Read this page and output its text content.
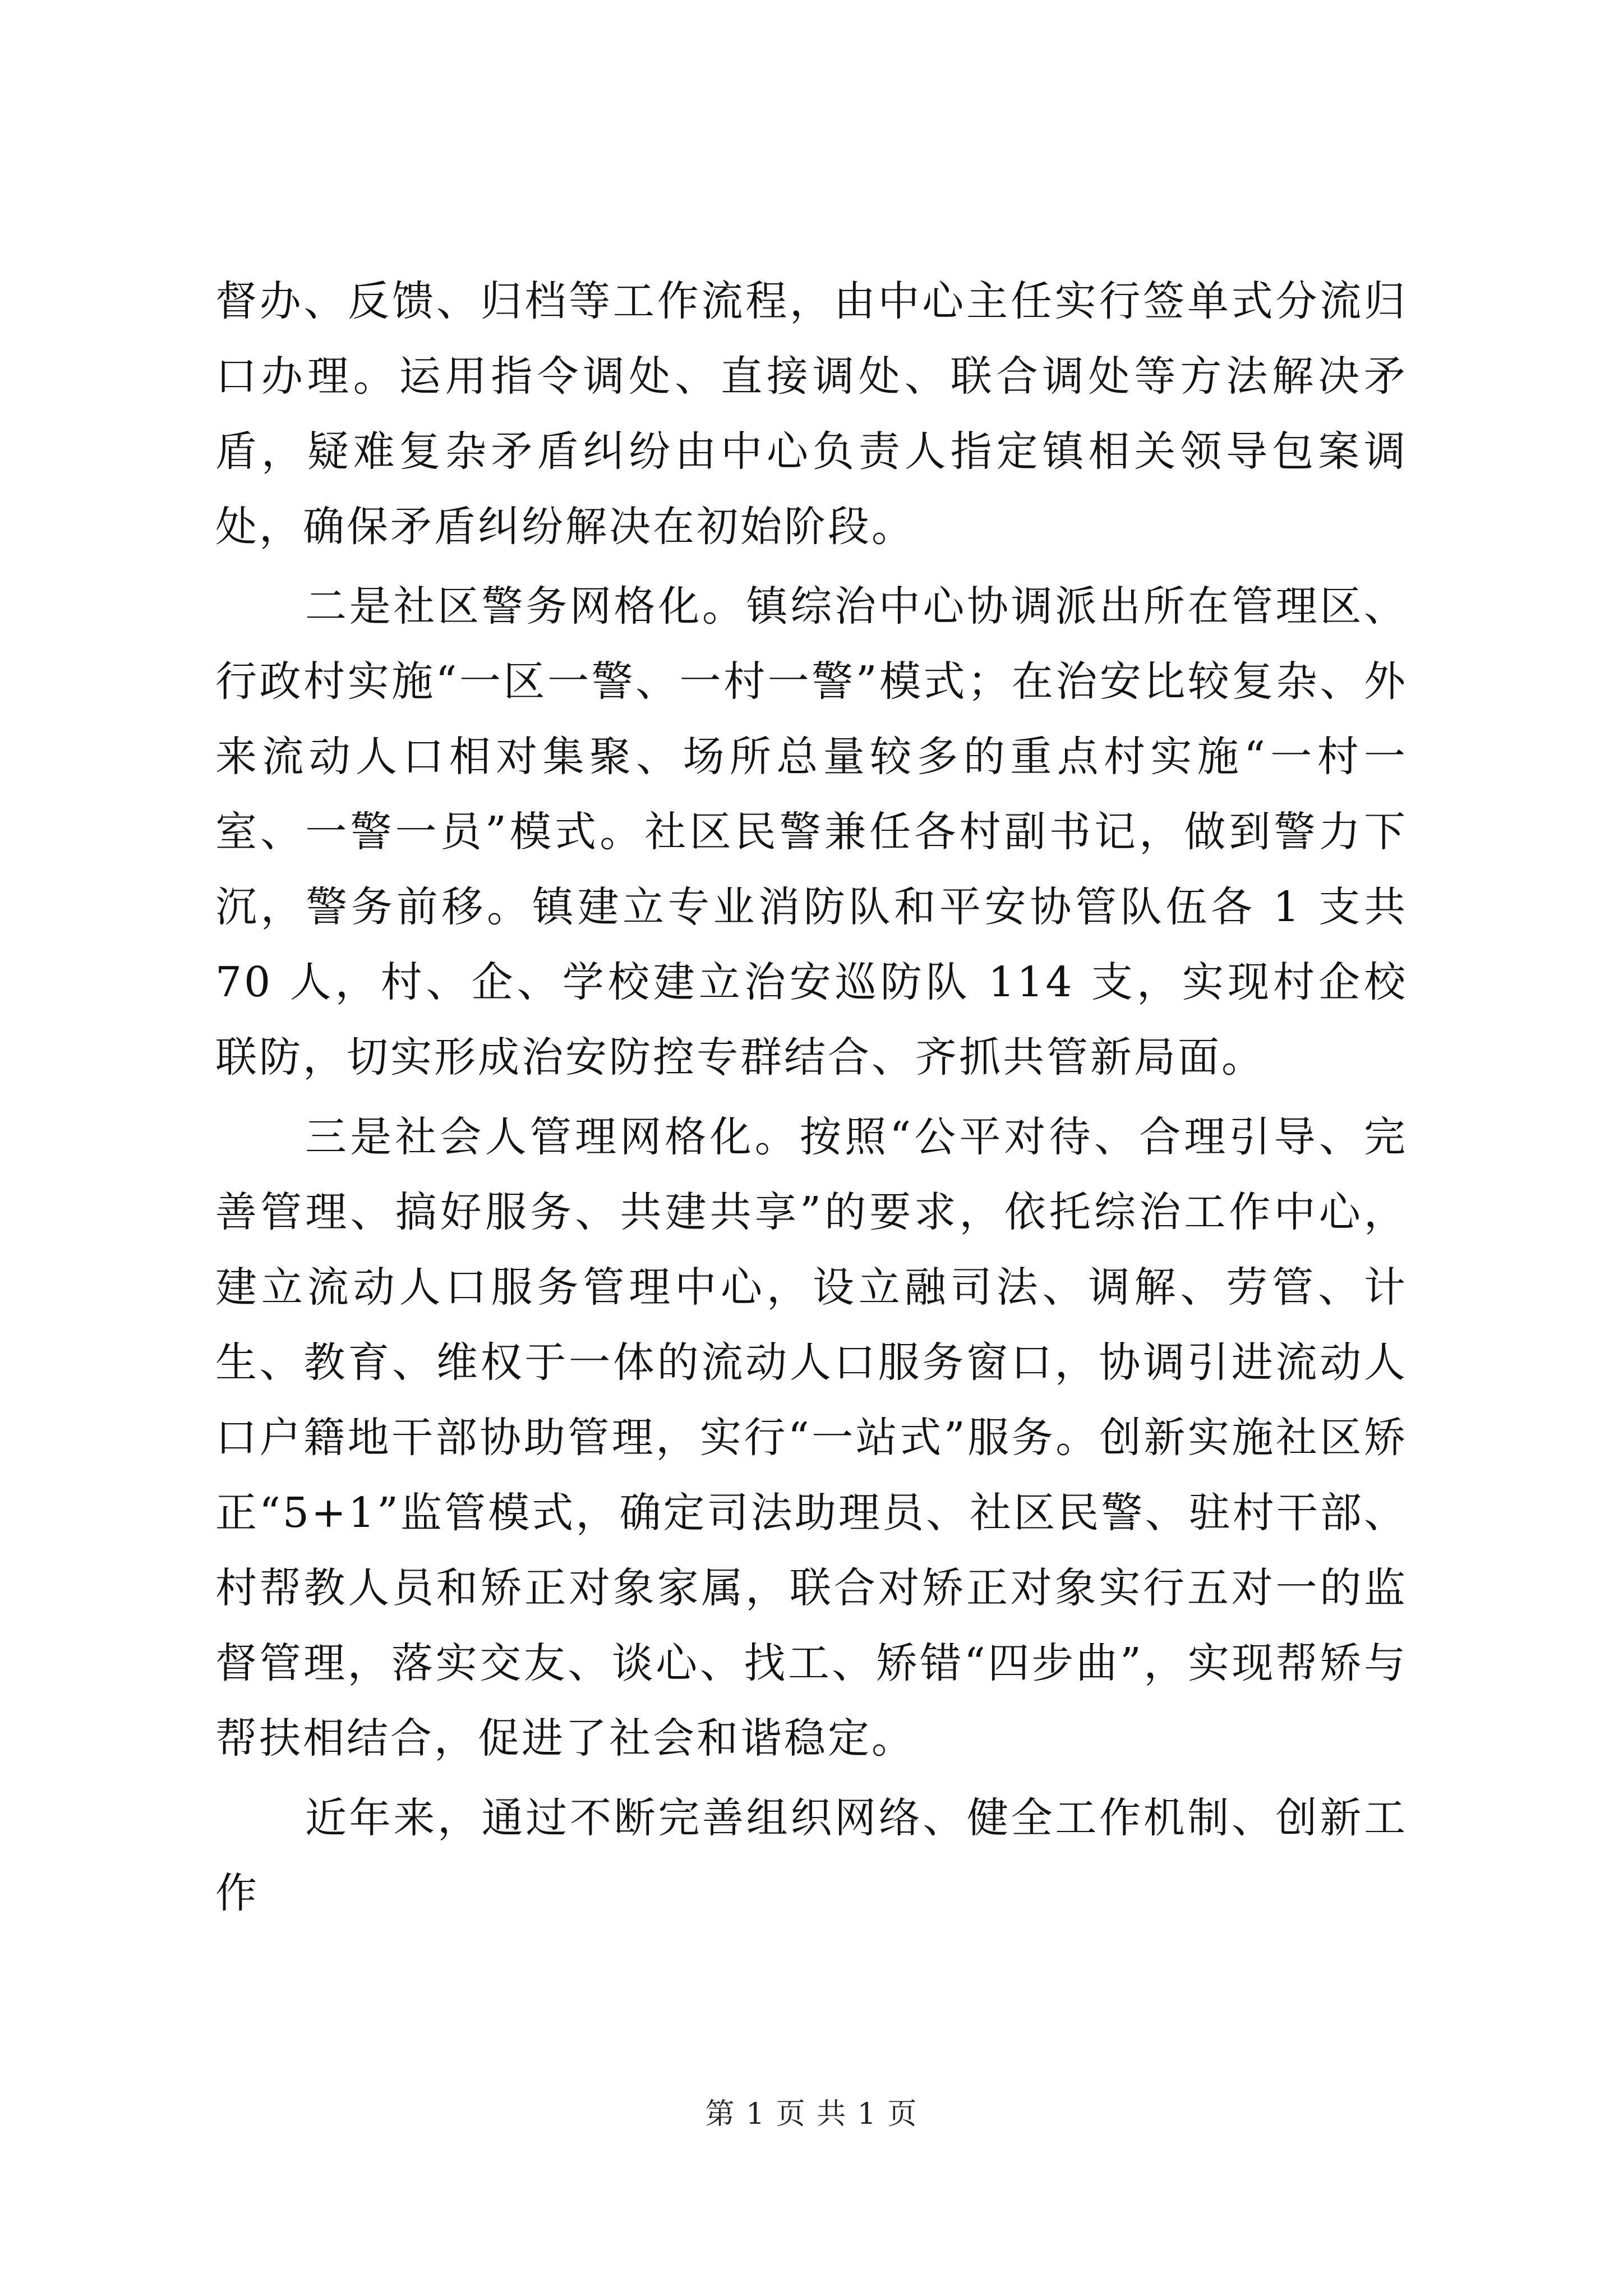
督办、反馈、归档等工作流程，由中心主任实行签单式分流归口办理。运用指令调处、直接调处、联合调处等方法解决矛盾，疑难复杂矛盾纠纷由中心负责人指定镇相关领导包案调处，确保矛盾纠纷解决在初始阶段。

二是社区警务网格化。镇综治中心协调派出所在管理区、行政村实施“一区一警、一村一警”模式；在治安比较复杂、外来流动人口相对集聚、场所总量较多的重点村实施“一村一室、一警一员”模式。社区民警兼任各村副书记，做到警力下沉，警务前移。镇建立专业消防队和平安协管队伍各 1 支共 70 人，村、企、学校建立治安巡防队 114 支，实现村企校联防，切实形成治安防控专群结合、齐抓共管新局面。

三是社会人管理网格化。按照“公平对待、合理引导、完善管理、搞好服务、共建共享”的要求，依托综治工作中心，建立流动人口服务管理中心，设立融司法、调解、劳管、计生、教育、维权于一体的流动人口服务窗口，协调引进流动人口户籍地干部协助管理，实行“一站式”服务。创新实施社区矫正“5+1”监管模式，确定司法助理员、社区民警、驻村干部、村帮教人员和矫正对象家属，联合对矫正对象实行五对一的监督管理，落实交友、谈心、找工、矫错“四步曲”，实现帮矫与帮扶相结合，促进了社会和谐稳定。

近年来，通过不断完善组织网络、健全工作机制、创新工作

第 1 页 共 1 页
